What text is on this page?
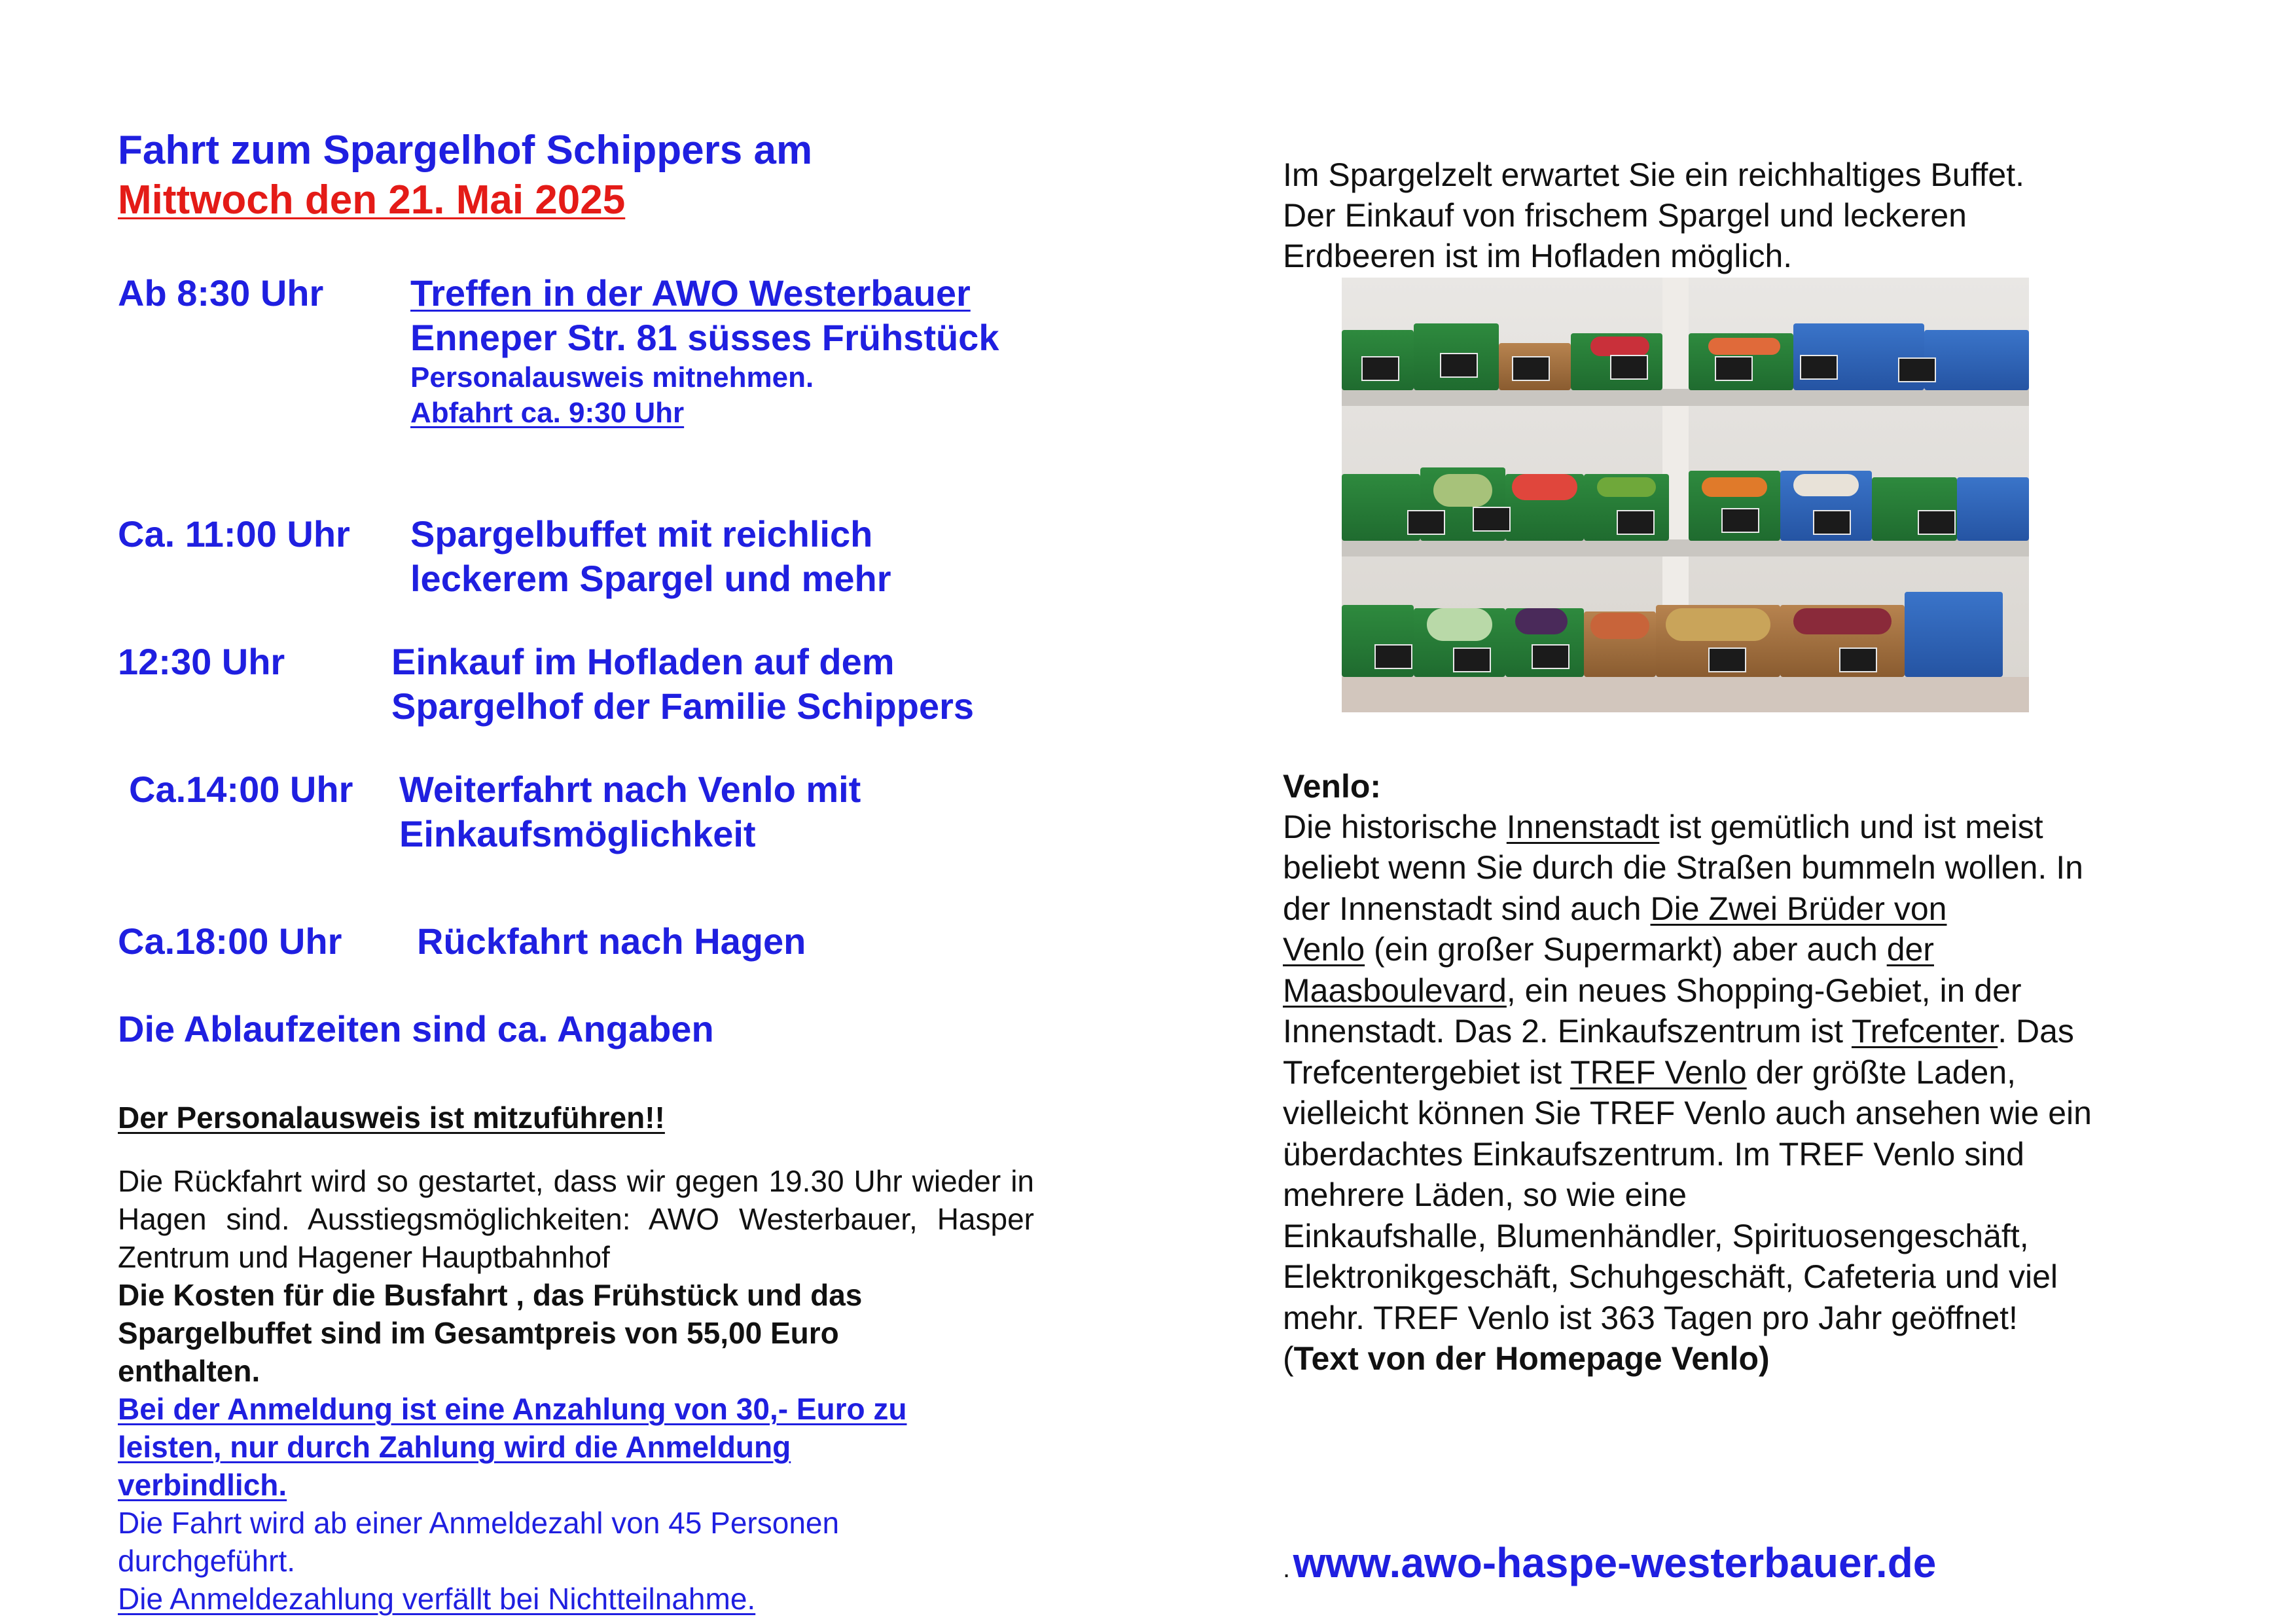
Fahrt zum Spargelhof Schippers am
Mittwoch den 21. Mai 2025
Ab 8:30 Uhr Treffen in der AWO Westerbauer
Enneper Str. 81 süsses Frühstück
Personalausweis mitnehmen.
Abfahrt ca. 9:30 Uhr
Ca. 11:00 Uhr Spargelbuffet mit reichlich
leckerem Spargel und mehr
12:30 Uhr	Einkauf im Hofladen auf dem
Spargelhof der Familie Schippers
Ca.14:00 Uhr Weiterfahrt nach Venlo mit
Einkaufsmöglichkeit
Ca.18:00 Uhr Rückfahrt nach Hagen
Die Ablaufzeiten sind ca. Angaben
Der Personalausweis ist mitzuführen!!
Die Rückfahrt wird so gestartet, dass wir gegen 19.30 Uhr wieder in Hagen sind. Ausstiegsmöglichkeiten: AWO Westerbauer, Hasper Zentrum und Hagener Hauptbahnhof
Die Kosten für die Busfahrt , das Frühstück und das
Spargelbuffet sind im Gesamtpreis von 55,00 Euro
enthalten.
Bei der Anmeldung ist eine Anzahlung von 30,- Euro zu
leisten, nur durch Zahlung wird die Anmeldung
verbindlich.
Die Fahrt wird ab einer Anmeldezahl von 45 Personen
durchgeführt.
Die Anmeldezahlung verfällt bei Nichtteilnahme.
Im Spargelzelt erwartet Sie ein reichhaltiges Buffet.
Der Einkauf von frischem Spargel und leckeren
Erdbeeren ist im Hofladen möglich.
Venlo:
Die historische Innenstadt ist gemütlich und ist meist
beliebt wenn Sie durch die Straßen bummeln wollen. In
der Innenstadt sind auch Die Zwei Brüder von
Venlo (ein großer Supermarkt) aber auch der
Maasboulevard, ein neues Shopping-Gebiet, in der
Innenstadt. Das 2. Einkaufszentrum ist Trefcenter. Das
Trefcentergebiet ist TREF Venlo der größte Laden,
vielleicht können Sie TREF Venlo auch ansehen wie ein
überdachtes Einkaufszentrum. Im TREF Venlo sind
mehrere Läden, so wie eine
Einkaufshalle, Blumenhändler, Spirituosengeschäft,
Elektronikgeschäft, Schuhgeschäft, Cafeteria und viel
mehr. TREF Venlo ist 363 Tagen pro Jahr geöffnet!
(Text von der Homepage Venlo)
. www.awo-haspe-westerbauer.de
